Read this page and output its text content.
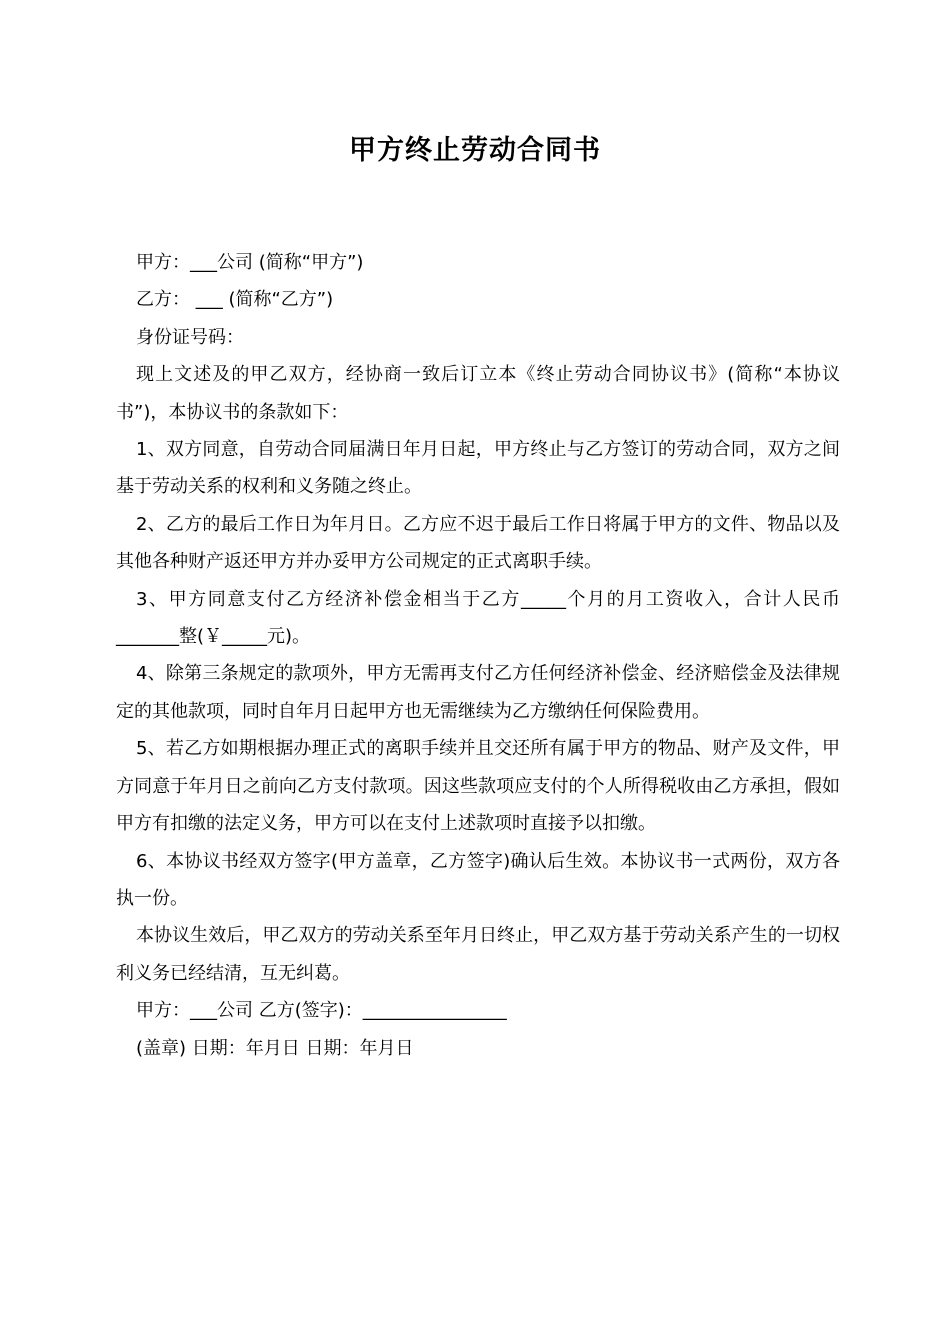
甲方终止劳动合同书
甲方：___公司 (简称“甲方”)
乙方： ___ (简称“乙方”)
身份证号码：

现上文述及的甲乙双方，经协商一致后订立本《终止劳动合同协议书》(简称“本协议书”)，本协议书的条款如下：

1、双方同意，自劳动合同届满日年月日起，甲方终止与乙方签订的劳动合同，双方之间基于劳动关系的权利和义务随之终止。

2、乙方的最后工作日为年月日。乙方应不迟于最后工作日将属于甲方的文件、物品以及其他各种财产返还甲方并办妥甲方公司规定的正式离职手续。

3、甲方同意支付乙方经济补偿金相当于乙方_____个月的月工资收入，合计人民币_______整(￥_____元)。

4、除第三条规定的款项外，甲方无需再支付乙方任何经济补偿金、经济赔偿金及法律规定的其他款项，同时自年月日起甲方也无需继续为乙方缴纳任何保险费用。

5、若乙方如期根据办理正式的离职手续并且交还所有属于甲方的物品、财产及文件，甲方同意于年月日之前向乙方支付款项。因这些款项应支付的个人所得税收由乙方承担，假如甲方有扣缴的法定义务，甲方可以在支付上述款项时直接予以扣缴。

6、本协议书经双方签字(甲方盖章，乙方签字)确认后生效。本协议书一式两份，双方各执一份。

本协议生效后，甲乙双方的劳动关系至年月日终止，甲乙双方基于劳动关系产生的一切权利义务已经结清，互无纠葛。

甲方：___公司 乙方(签字)：________________
(盖章) 日期：年月日 日期：年月日
